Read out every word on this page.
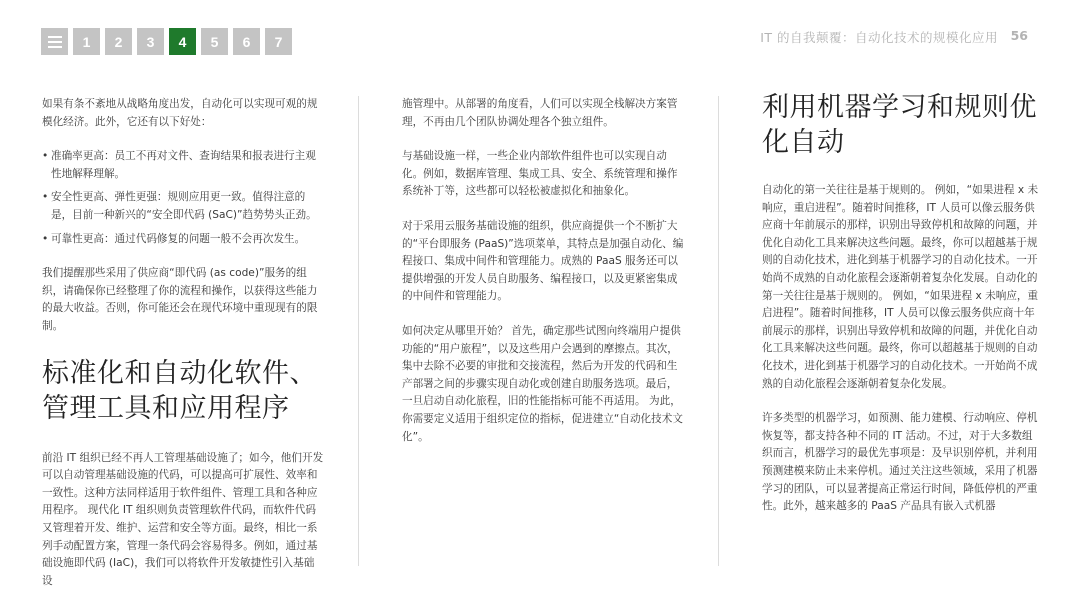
1	2	3	4	5	6	7	IT 的自我颠覆：自动化技术的规模化应用 56

如果有条不紊地从战略角度出发，自动化可以实现可观的规模化经济。此外，它还有以下好处：

• 准确率更高：员工不再对文件、查询结果和报表进行主观性地解释理解。
• 安全性更高、弹性更强：规则应用更一致。值得注意的是，目前一种新兴的“安全即代码 (SaC)”趋势势头正劲。
• 可靠性更高：通过代码修复的问题一般不会再次发生。

我们提醒那些采用了供应商“即代码 (as code)”服务的组织，请确保你已经整理了你的流程和操作，以获得这些能力的最大收益。否则，你可能还会在现代环境中重现现有的限制。

标准化和自动化软件、管理工具和应用程序

前沿 IT 组织已经不再人工管理基础设施了；如今，他们开发可以自动管理基础设施的代码，可以提高可扩展性、效率和一致性。这种方法同样适用于软件组件、管理工具和各种应用程序。 现代化 IT 组织则负责管理软件代码，而软件代码又管理着开发、维护、运营和安全等方面。最终，相比一系列手动配置方案，管理一条代码会容易得多。例如，通过基础设施即代码 (IaC)，我们可以将软件开发敏捷性引入基础设

施管理中。从部署的角度看，人们可以实现全栈解决方案管理，不再由几个团队协调处理各个独立组件。

与基础设施一样，一些企业内部软件组件也可以实现自动化。例如，数据库管理、集成工具、安全、系统管理和操作系统补丁等，这些都可以轻松被虚拟化和抽象化。

对于采用云服务基础设施的组织，供应商提供一个不断扩大的“平台即服务 (PaaS)”选项菜单，其特点是加强自动化、编程接口、集成中间件和管理能力。成熟的 PaaS 服务还可以提供增强的开发人员自助服务、编程接口，以及更紧密集成的中间件和管理能力。

如何决定从哪里开始？ 首先，确定那些试图向终端用户提供功能的“用户旅程”，以及这些用户会遇到的摩擦点。其次，集中去除不必要的审批和交接流程，然后为开发的代码和生产部署之间的步骤实现自动化或创建自助服务选项。最后，一旦启动自动化旅程，旧的性能指标可能不再适用。 为此，你需要定义适用于组织定位的指标，促进建立“自动化技术文化”。

利用机器学习和规则优化自动

自动化的第一关往往是基于规则的。 例如，“如果进程 x 未响应，重启进程”。随着时间推移，IT 人员可以像云服务供应商十年前展示的那样，识别出导致停机和故障的问题，并优化自动化工具来解决这些问题。最终，你可以超越基于规则的自动化技术，进化到基于机器学习的自动化技术。一开始尚不成熟的自动化旅程会逐渐朝着复杂化发展。自动化的第一关往往是基于规则的。 例如，“如果进程 x 未响应，重启进程”。随着时间推移，IT 人员可以像云服务供应商十年前展示的那样，识别出导致停机和故障的问题，并优化自动化工具来解决这些问题。最终，你可以超越基于规则的自动化技术，进化到基于机器学习的自动化技术。一开始尚不成熟的自动化旅程会逐渐朝着复杂化发展。

许多类型的机器学习，如预测、能力建模、行动响应、停机恢复等，都支持各种不同的 IT 活动。不过，对于大多数组织而言，机器学习的最优先事项是：及早识别停机，并利用预测建模来防止未来停机。通过关注这些领域，采用了机器学习的团队，可以显著提高正常运行时间，降低停机的严重性。此外，越来越多的 PaaS 产品具有嵌入式机器
